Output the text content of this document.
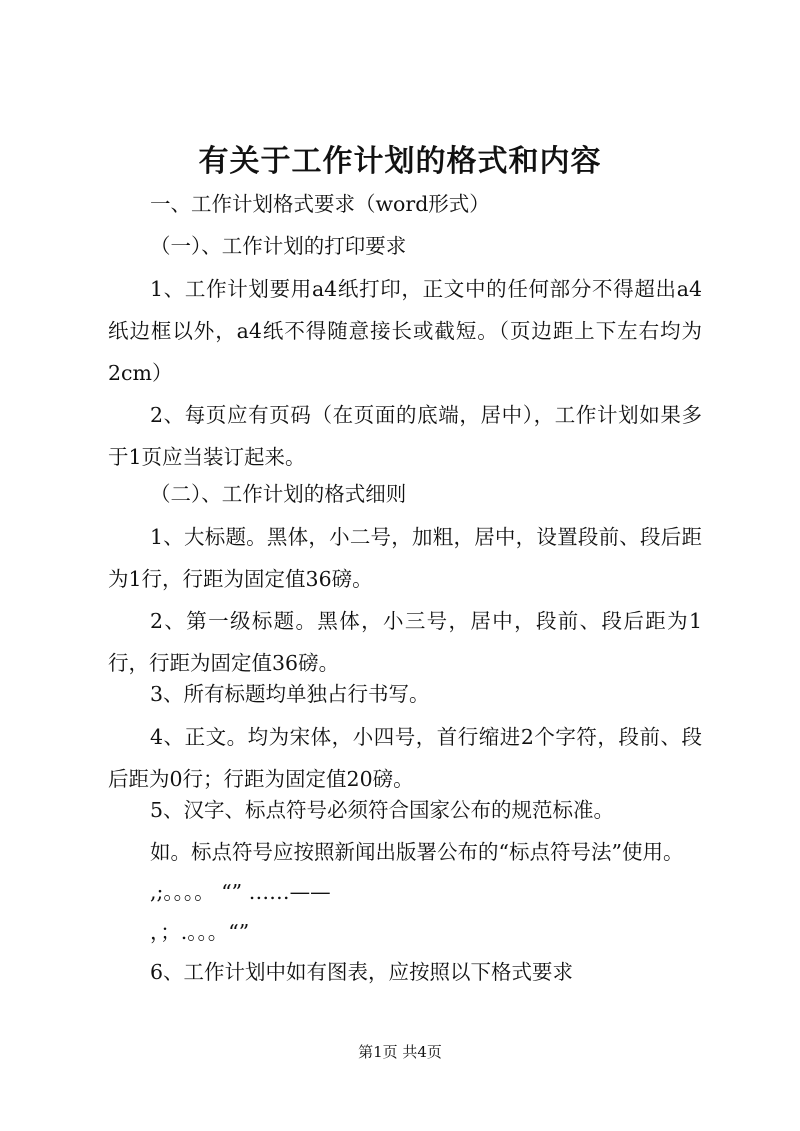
有关于工作计划的格式和内容
一、工作计划格式要求（word形式）
（一）、工作计划的打印要求
1、工作计划要用a4纸打印，正文中的任何部分不得超出a4纸边框以外，a4纸不得随意接长或截短。（页边距上下左右均为2cm）
2、每页应有页码（在页面的底端，居中），工作计划如果多于1页应当装订起来。
（二）、工作计划的格式细则
1、大标题。黑体，小二号，加粗，居中，设置段前、段后距为1行，行距为固定值36磅。
2、第一级标题。黑体，小三号，居中，段前、段后距为1行，行距为固定值36磅。
3、所有标题均单独占行书写。
4、正文。均为宋体，小四号，首行缩进2个字符，段前、段后距为0行；行距为固定值20磅。
5、汉字、标点符号必须符合国家公布的规范标准。
如。标点符号应按照新闻出版署公布的“标点符号法”使用。
,;。。。。 “” ……——
，；.。。。“”
6、工作计划中如有图表，应按照以下格式要求
第1页 共4页
